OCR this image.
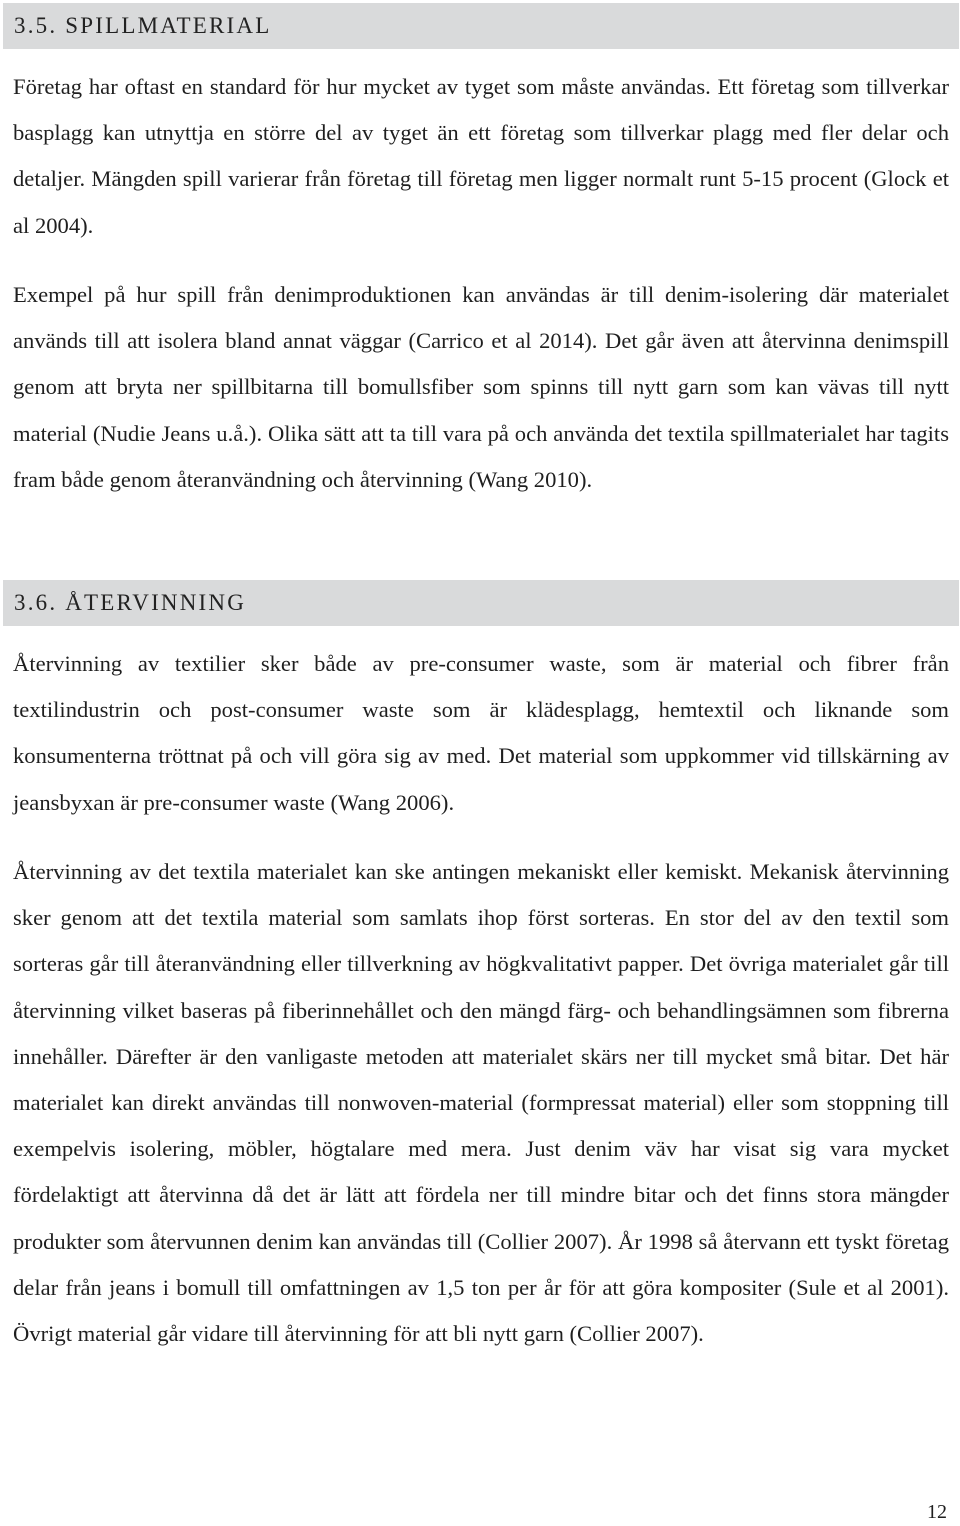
3.5. SPILLMATERIAL

Företag har oftast en standard för hur mycket av tyget som måste användas. Ett företag som tillverkar basplagg kan utnyttja en större del av tyget än ett företag som tillverkar plagg med fler delar och detaljer. Mängden spill varierar från företag till företag men ligger normalt runt 5-15 procent (Glock et al 2004).

Exempel på hur spill från denimproduktionen kan användas är till denim-isolering där materialet används till att isolera bland annat väggar (Carrico et al 2014). Det går även att återvinna denimspill genom att bryta ner spillbitarna till bomullsfiber som spinns till nytt garn som kan vävas till nytt material (Nudie Jeans u.å.). Olika sätt att ta till vara på och använda det textila spillmaterialet har tagits fram både genom återanvändning och återvinning (Wang 2010).

3.6. ÅTERVINNING

Återvinning av textilier sker både av pre-consumer waste, som är material och fibrer från textilindustrin och post-consumer waste som är klädesplagg, hemtextil och liknande som konsumenterna tröttnat på och vill göra sig av med. Det material som uppkommer vid tillskärning av jeansbyxan är pre-consumer waste (Wang 2006).

Återvinning av det textila materialet kan ske antingen mekaniskt eller kemiskt. Mekanisk återvinning sker genom att det textila material som samlats ihop först sorteras. En stor del av den textil som sorteras går till återanvändning eller tillverkning av högkvalitativt papper. Det övriga materialet går till återvinning vilket baseras på fiberinnehållet och den mängd färg- och behandlingsämnen som fibrerna innehåller. Därefter är den vanligaste metoden att materialet skärs ner till mycket små bitar. Det här materialet kan direkt användas till nonwoven-material (formpressat material) eller som stoppning till exempelvis isolering, möbler, högtalare med mera. Just denim väv har visat sig vara mycket fördelaktigt att återvinna då det är lätt att fördela ner till mindre bitar och det finns stora mängder produkter som återvunnen denim kan användas till (Collier 2007). År 1998 så återvann ett tyskt företag delar från jeans i bomull till omfattningen av 1,5 ton per år för att göra kompositer (Sule et al 2001). Övrigt material går vidare till återvinning för att bli nytt garn (Collier 2007).

12
